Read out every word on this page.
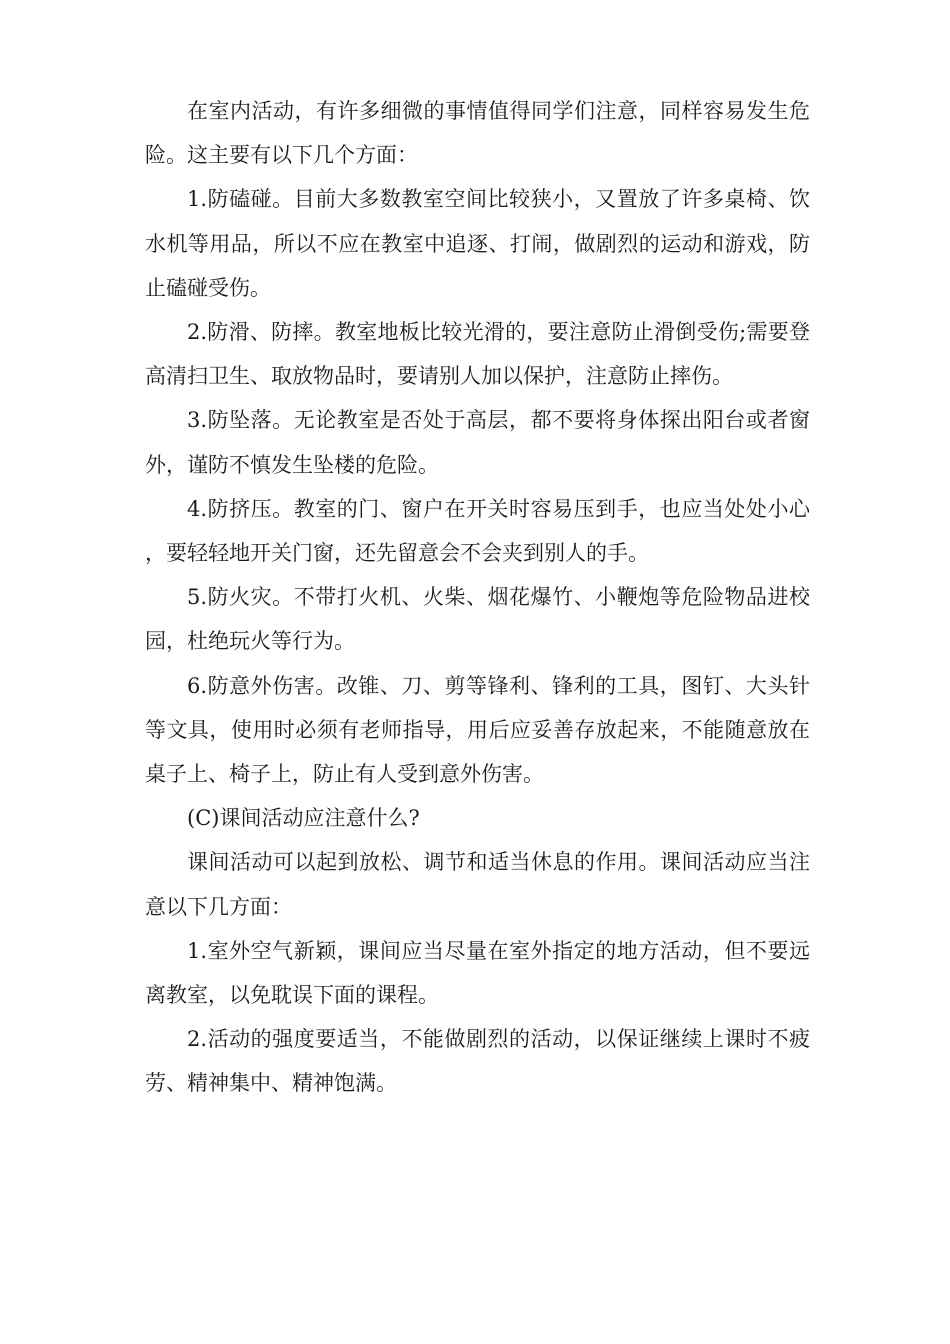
在室内活动，有许多细微的事情值得同学们注意，同样容易发生危险。这主要有以下几个方面：

1.防磕碰。目前大多数教室空间比较狭小，又置放了许多桌椅、饮水机等用品，所以不应在教室中追逐、打闹，做剧烈的运动和游戏，防止磕碰受伤。

2.防滑、防摔。教室地板比较光滑的，要注意防止滑倒受伤;需要登高清扫卫生、取放物品时，要请别人加以保护，注意防止摔伤。

3.防坠落。无论教室是否处于高层，都不要将身体探出阳台或者窗外，谨防不慎发生坠楼的危险。

4.防挤压。教室的门、窗户在开关时容易压到手，也应当处处小心，要轻轻地开关门窗，还先留意会不会夹到别人的手。

5.防火灾。不带打火机、火柴、烟花爆竹、小鞭炮等危险物品进校园，杜绝玩火等行为。

6.防意外伤害。改锥、刀、剪等锋利、锋利的工具，图钉、大头针等文具，使用时必须有老师指导，用后应妥善存放起来，不能随意放在桌子上、椅子上，防止有人受到意外伤害。

(C)课间活动应注意什么?

课间活动可以起到放松、调节和适当休息的作用。课间活动应当注意以下几方面：

1.室外空气新颖，课间应当尽量在室外指定的地方活动，但不要远离教室，以免耽误下面的课程。

2.活动的强度要适当，不能做剧烈的活动，以保证继续上课时不疲劳、精神集中、精神饱满。
